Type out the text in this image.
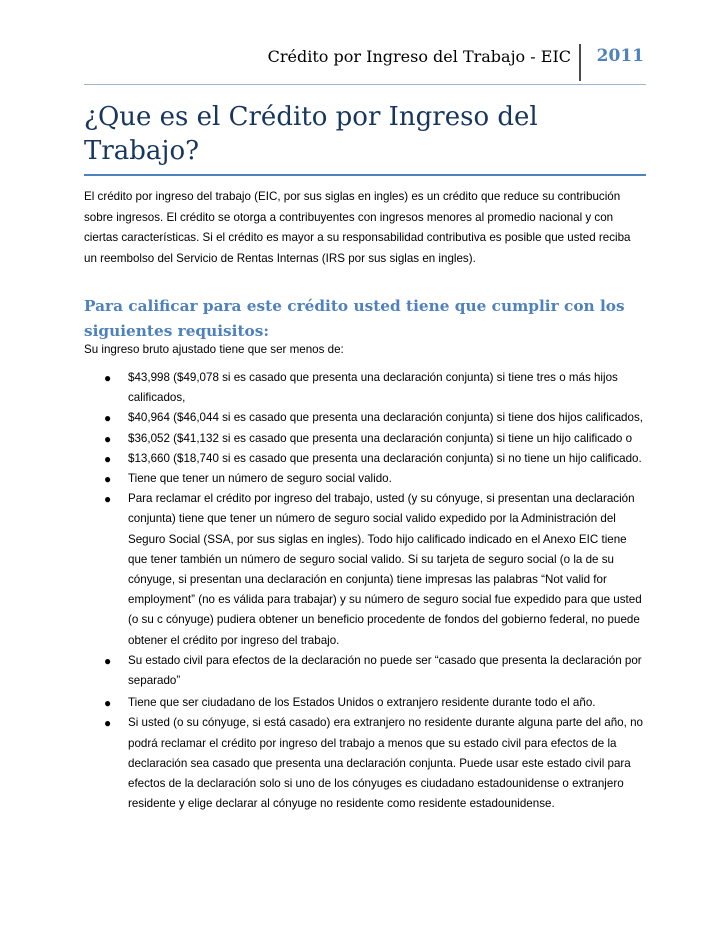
Crédito por Ingreso del Trabajo - EIC 2011
¿Que es el Crédito por Ingreso del Trabajo?

El crédito por ingreso del trabajo (EIC, por sus siglas en ingles) es un crédito que reduce su contribución sobre ingresos. El crédito se otorga a contribuyentes con ingresos menores al promedio nacional y con ciertas características. Si el crédito es mayor a su responsabilidad contributiva es posible que usted reciba un reembolso del Servicio de Rentas Internas (IRS por sus siglas en ingles).

Para calificar para este crédito usted tiene que cumplir con los siguientes requisitos:

Su ingreso bruto ajustado tiene que ser menos de:

● $43,998 ($49,078 si es casado que presenta una declaración conjunta) si tiene tres o más hijos calificados,
● $40,964 ($46,044 si es casado que presenta una declaración conjunta) si tiene dos hijos calificados,
● $36,052 ($41,132 si es casado que presenta una declaración conjunta) si tiene un hijo calificado o
● $13,660 ($18,740 si es casado que presenta una declaración conjunta) si no tiene un hijo calificado.
● Tiene que tener un número de seguro social valido.
● Para reclamar el crédito por ingreso del trabajo, usted (y su cónyuge, si presentan una declaración conjunta) tiene que tener un número de seguro social valido expedido por la Administración del Seguro Social (SSA, por sus siglas en ingles). Todo hijo calificado indicado en el Anexo EIC tiene que tener también un número de seguro social valido. Si su tarjeta de seguro social (o la de su cónyuge, si presentan una declaración en conjunta) tiene impresas las palabras “Not valid for employment” (no es válida para trabajar) y su número de seguro social fue expedido para que usted (o su c cónyuge) pudiera obtener un beneficio procedente de fondos del gobierno federal, no puede obtener el crédito por ingreso del trabajo.
● Su estado civil para efectos de la declaración no puede ser “casado que presenta la declaración por separado”
● Tiene que ser ciudadano de los Estados Unidos o extranjero residente durante todo el año.
● Si usted (o su cónyuge, si está casado) era extranjero no residente durante alguna parte del año, no podrá reclamar el crédito por ingreso del trabajo a menos que su estado civil para efectos de la declaración sea casado que presenta una declaración conjunta. Puede usar este estado civil para efectos de la declaración solo si uno de los cónyuges es ciudadano estadounidense o extranjero residente y elige declarar al cónyuge no residente como residente estadounidense.
